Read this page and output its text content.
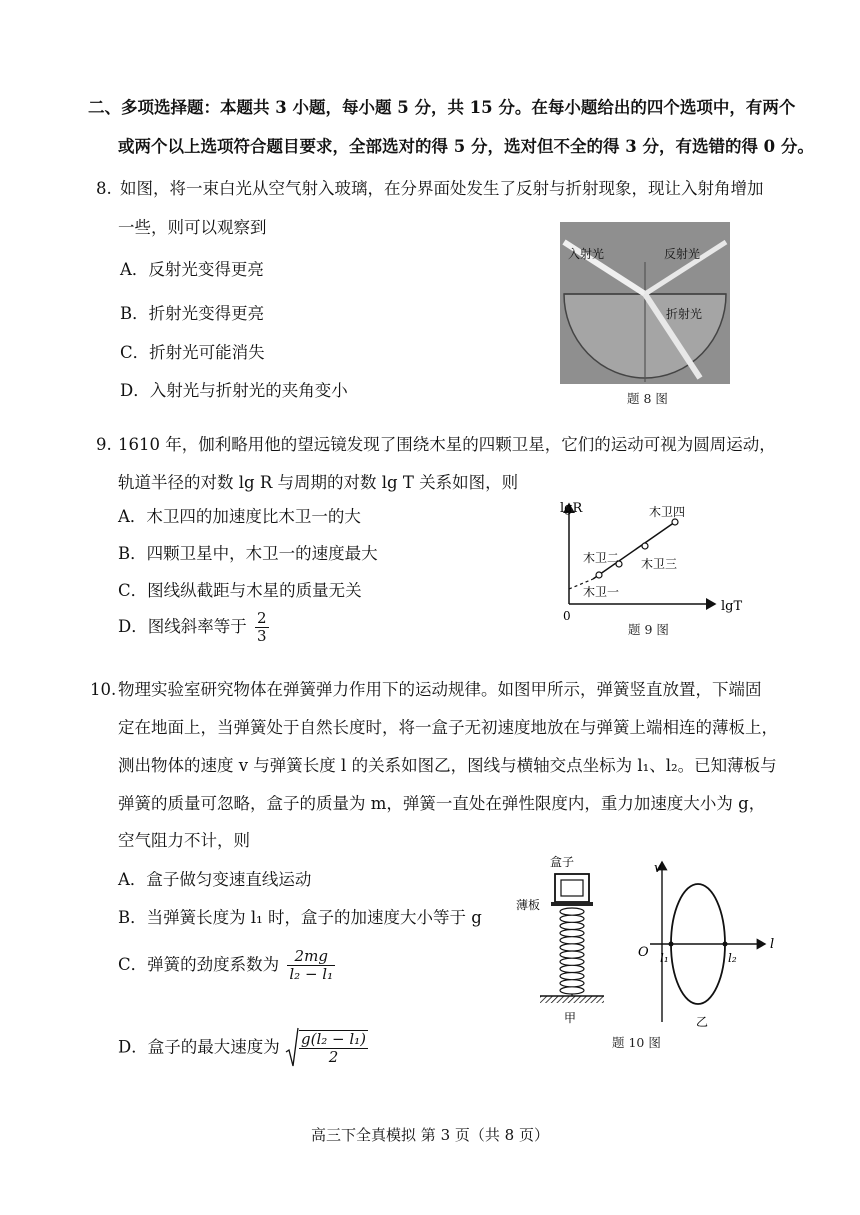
二、多项选择题：本题共 3 小题，每小题 5 分，共 15 分。在每小题给出的四个选项中，有两个
或两个以上选项符合题目要求，全部选对的得 5 分，选对但不全的得 3 分，有选错的得 0 分。
8. 如图，将一束白光从空气射入玻璃，在分界面处发生了反射与折射现象，现让入射角增加
一些，则可以观察到
A．反射光变得更亮
B．折射光变得更亮
C．折射光可能消失
D．入射光与折射光的夹角变小
入射光	反射光
折射光
题 8 图
9. 1610 年，伽利略用他的望远镜发现了围绕木星的四颗卫星，它们的运动可视为圆周运动，
轨道半径的对数 lg R 与周期的对数 lg T 关系如图，则
A．木卫四的加速度比木卫一的大
B．四颗卫星中，木卫一的速度最大
C．图线纵截距与木星的质量无关
D．图线斜率等于 $\frac{2}{3}$
lgR
lgT
0
木卫一
木卫二 木卫三
木卫四
题 9 图
10. 物理实验室研究物体在弹簧弹力作用下的运动规律。如图甲所示，弹簧竖直放置，下端固
定在地面上，当弹簧处于自然长度时，将一盒子无初速度地放在与弹簧上端相连的薄板上，
测出物体的速度 v 与弹簧长度 l 的关系如图乙，图线与横轴交点坐标为 l₁、l₂。已知薄板与
弹簧的质量可忽略，盒子的质量为 m，弹簧一直处在弹性限度内，重力加速度大小为 g，
空气阻力不计，则
A．盒子做匀变速直线运动
B．当弹簧长度为 l₁ 时，盒子的加速度大小等于 g
C．弹簧的劲度系数为 $\frac{2mg}{\text{l₂ − l₁}}$
D．盒子的最大速度为 $\frac{\text{g(l₂ − l₁)}}{2}$
盒子
薄板
甲
v
l
O l₁	l₂
乙
题 10 图
高三下全真模拟 第 3 页（共 8 页）
